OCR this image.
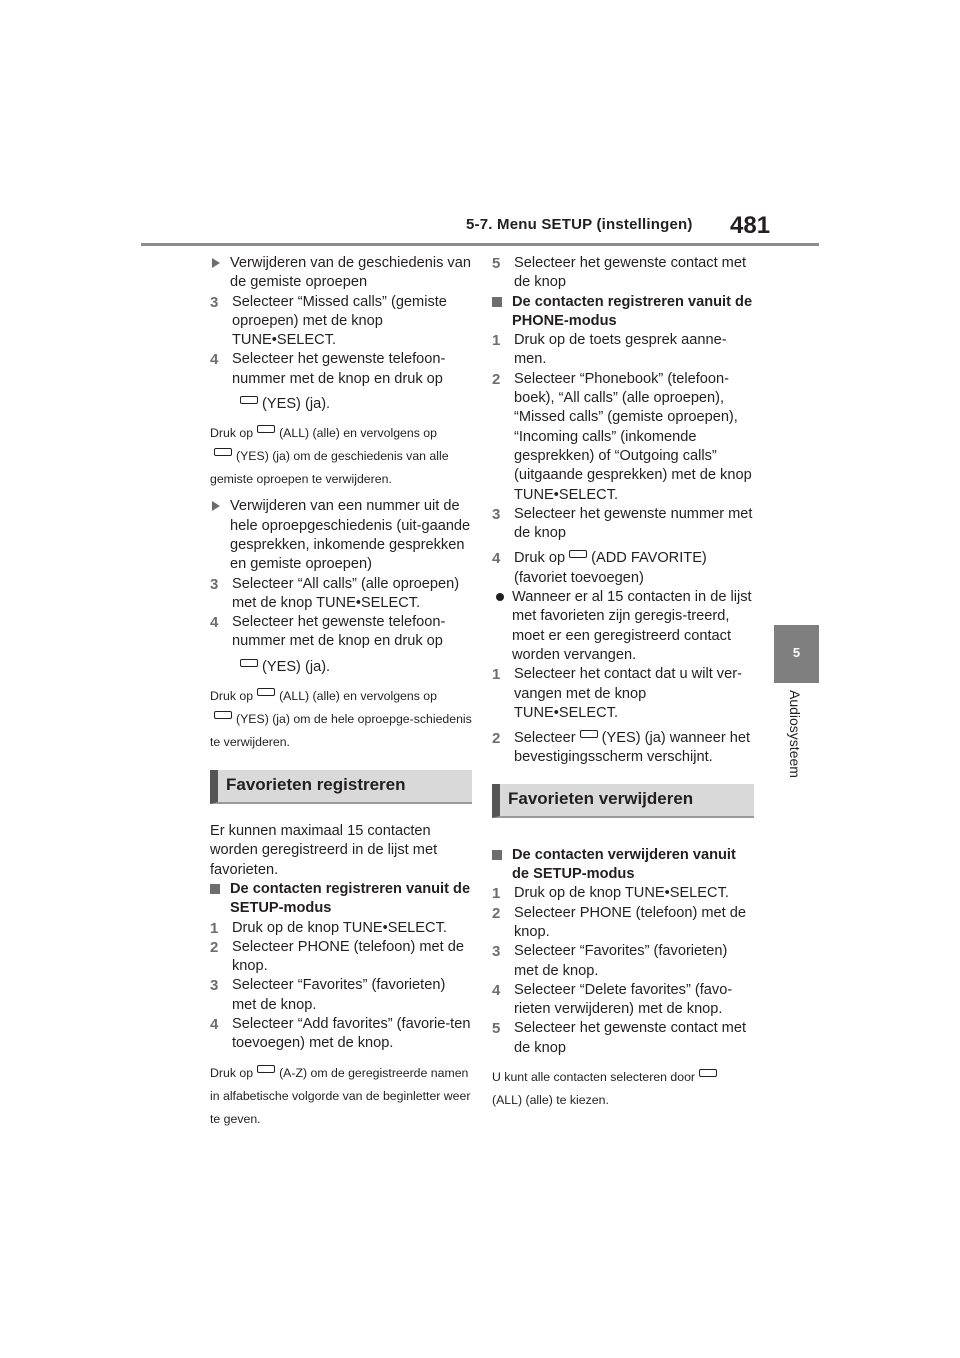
5-7. Menu SETUP (instellingen) 481
5
Audiosysteem
Verwijderen van de geschiedenis van de gemiste oproepen
3 Selecteer “Missed calls” (gemiste oproepen) met de knop TUNE•SELECT.
4 Selecteer het gewenste telefoon-nummer met de knop en druk op
(YES) (ja).
Druk op (ALL) (alle) en vervolgens op
(YES) (ja) om de geschiedenis van alle gemiste oproepen te verwijderen.
Verwijderen van een nummer uit de hele oproepgeschiedenis (uit-gaande gesprekken, inkomende gesprekken en gemiste oproepen)
3 Selecteer “All calls” (alle oproepen) met de knop TUNE•SELECT.
4 Selecteer het gewenste telefoon-nummer met de knop en druk op
(YES) (ja).
Druk op (ALL) (alle) en vervolgens op
(YES) (ja) om de hele oproepge-schiedenis te verwijderen.
Favorieten registreren
Er kunnen maximaal 15 contacten worden geregistreerd in de lijst met favorieten.
De contacten registreren vanuit de SETUP-modus
1 Druk op de knop TUNE•SELECT.
2 Selecteer PHONE (telefoon) met de knop.
3 Selecteer “Favorites” (favorieten) met de knop.
4 Selecteer “Add favorites” (favorie-ten toevoegen) met de knop.
Druk op (A-Z) om de geregistreerde namen in alfabetische volgorde van de beginletter weer te geven.
5 Selecteer het gewenste contact met de knop
De contacten registreren vanuit de PHONE-modus
1 Druk op de toets gesprek aanne-men.
2 Selecteer “Phonebook” (telefoon-boek), “All calls” (alle oproepen), “Missed calls” (gemiste oproepen), “Incoming calls” (inkomende gesprekken) of “Outgoing calls” (uitgaande gesprekken) met de knop TUNE•SELECT.
3 Selecteer het gewenste nummer met de knop
4 Druk op (ADD FAVORITE) (favoriet toevoegen)
Wanneer er al 15 contacten in de lijst met favorieten zijn geregis-treerd, moet er een geregistreerd contact worden vervangen.
1 Selecteer het contact dat u wilt ver-vangen met de knop TUNE•SELECT.
2 Selecteer (YES) (ja) wanneer het bevestigingsscherm verschijnt.
Favorieten verwijderen
De contacten verwijderen vanuit de SETUP-modus
1 Druk op de knop TUNE•SELECT.
2 Selecteer PHONE (telefoon) met de knop.
3 Selecteer “Favorites” (favorieten) met de knop.
4 Selecteer “Delete favorites” (favo-rieten verwijderen) met de knop.
5 Selecteer het gewenste contact met de knop
U kunt alle contacten selecteren door
(ALL) (alle) te kiezen.
